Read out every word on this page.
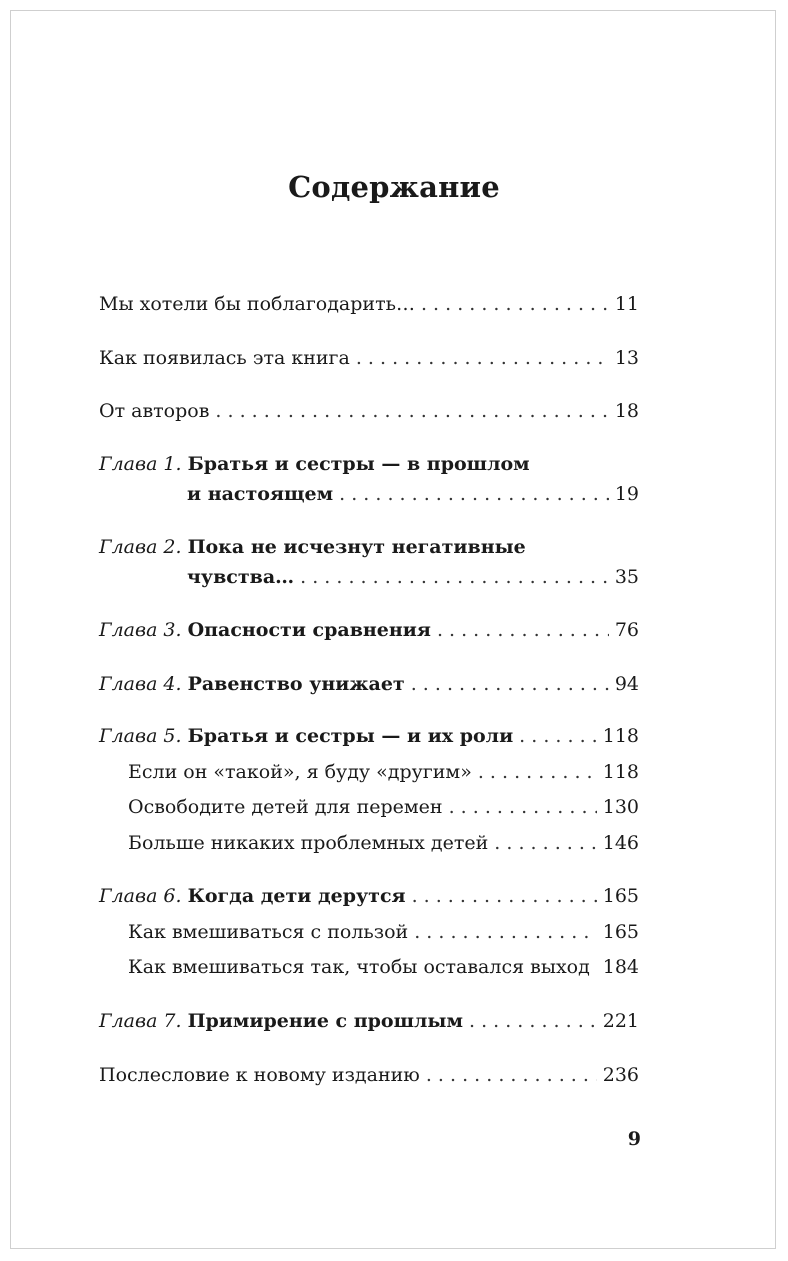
Содержание
Мы хотели бы поблагодарить… . . .	11
Как появилась эта книга . . .	13
От авторов . . .	18
Глава 1. Братья и сестры — в прошлом
и настоящем . . .	19
Глава 2. Пока не исчезнут негативные
чувства… . . .	35
Глава 3. Опасности сравнения . . .	76
Глава 4. Равенство унижает . . .	94
Глава 5. Братья и сестры — и их роли . . .	118
Если он «такой», я буду «другим» . . .	118
Освободите детей для перемен . . .	130
Больше никаких проблемных детей . . .	146
Глава 6. Когда дети дерутся . . .	165
Как вмешиваться с пользой . . .	165
Как вмешиваться так, чтобы оставался выход . . . 184
Глава 7. Примирение с прошлым . . .	221
Послесловие к новому изданию . . .	236
9
